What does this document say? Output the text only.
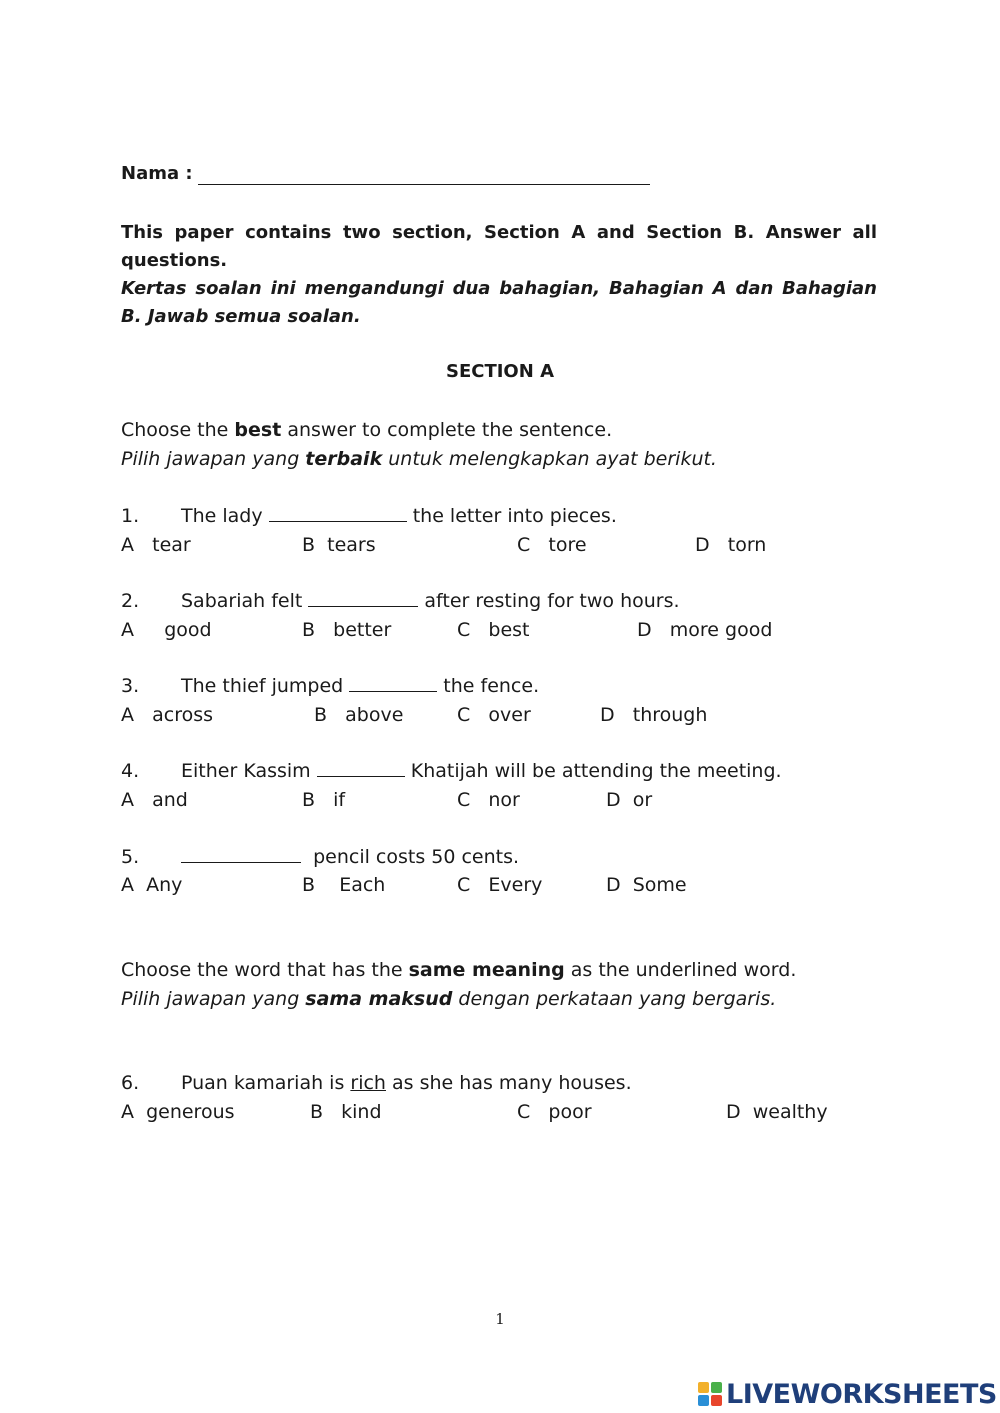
Nama :
This paper contains two section, Section A and Section B. Answer all questions.
Kertas soalan ini mengandungi dua bahagian, Bahagian A dan Bahagian B. Jawab semua soalan.
SECTION A
Choose the best answer to complete the sentence.
Pilih jawapan yang terbaik untuk melengkapkan ayat berikut.
1. The lady	the letter into pieces.
A   tear	B  tears	C   tore	D   torn
2. Sabariah felt	after resting for two hours.
A     good	B   better	C   best	D   more good
3. The thief jumped	the fence.
A   across	B   above	C   over	D   through
4. Either Kassim	Khatijah will be attending the meeting.
A   and	B   if	C   nor	D  or
5.	pencil costs 50 cents.
A  Any	B    Each	C   Every	D  Some
Choose the word that has the same meaning as the underlined word.
Pilih jawapan yang sama maksud dengan perkataan yang bergaris.
6. Puan kamariah is rich as she has many houses.
A  generous	B   kind	C   poor	D  wealthy
1
LIVEWORKSHEETS
